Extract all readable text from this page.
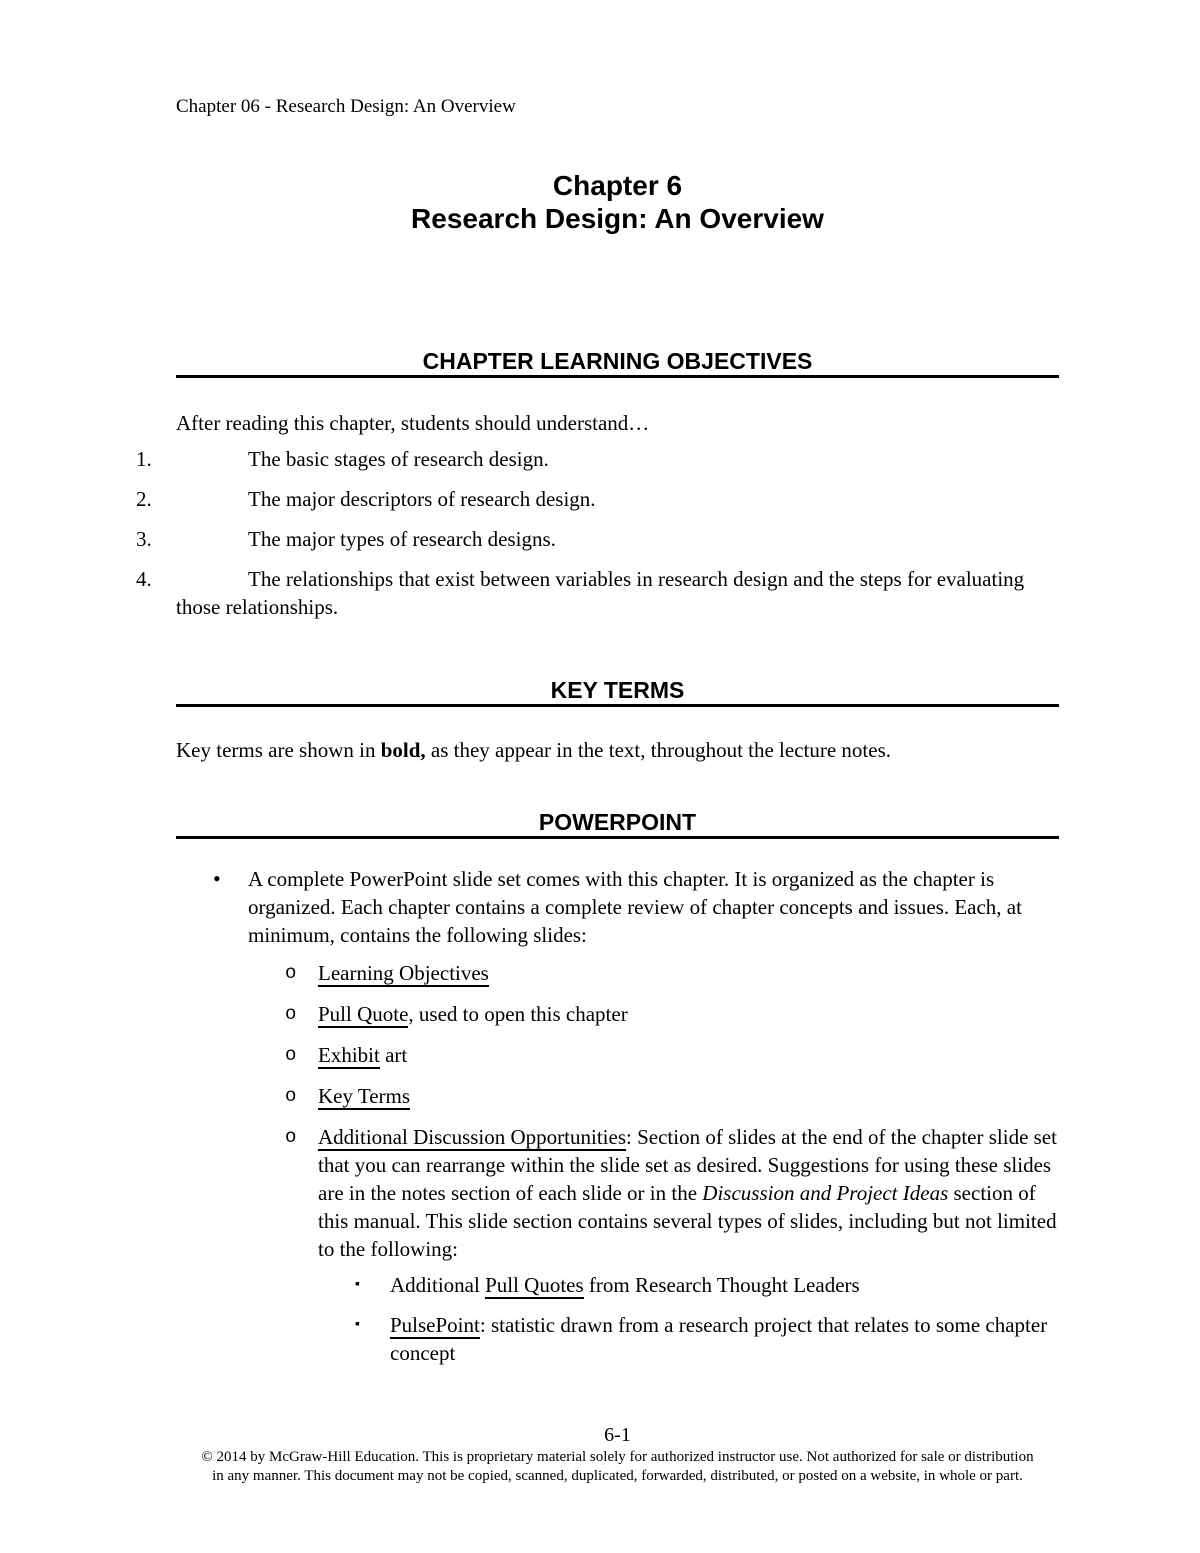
Chapter 06 - Research Design: An Overview
Chapter 6
Research Design: An Overview
CHAPTER LEARNING OBJECTIVES

After reading this chapter, students should understand…

1.	The basic stages of research design.
2.	The major descriptors of research design.
3.	The major types of research designs.
4.	The relationships that exist between variables in research design and the steps for evaluating those relationships.
KEY TERMS

Key terms are shown in bold, as they appear in the text, throughout the lecture notes.

POWERPOINT
• A complete PowerPoint slide set comes with this chapter. It is organized as the chapter is organized. Each chapter contains a complete review of chapter concepts and issues. Each, at minimum, contains the following slides:
o Learning Objectives
o Pull Quote, used to open this chapter
o Exhibit art
o Key Terms
o Additional Discussion Opportunities: Section of slides at the end of the chapter slide set that you can rearrange within the slide set as desired. Suggestions for using these slides are in the notes section of each slide or in the Discussion and Project Ideas section of this manual. This slide section contains several types of slides, including but not limited to the following:
▪ Additional Pull Quotes from Research Thought Leaders
▪ PulsePoint: statistic drawn from a research project that relates to some chapter concept
6-1
© 2014 by McGraw-Hill Education. This is proprietary material solely for authorized instructor use. Not authorized for sale or distribution
in any manner. This document may not be copied, scanned, duplicated, forwarded, distributed, or posted on a website, in whole or part.
